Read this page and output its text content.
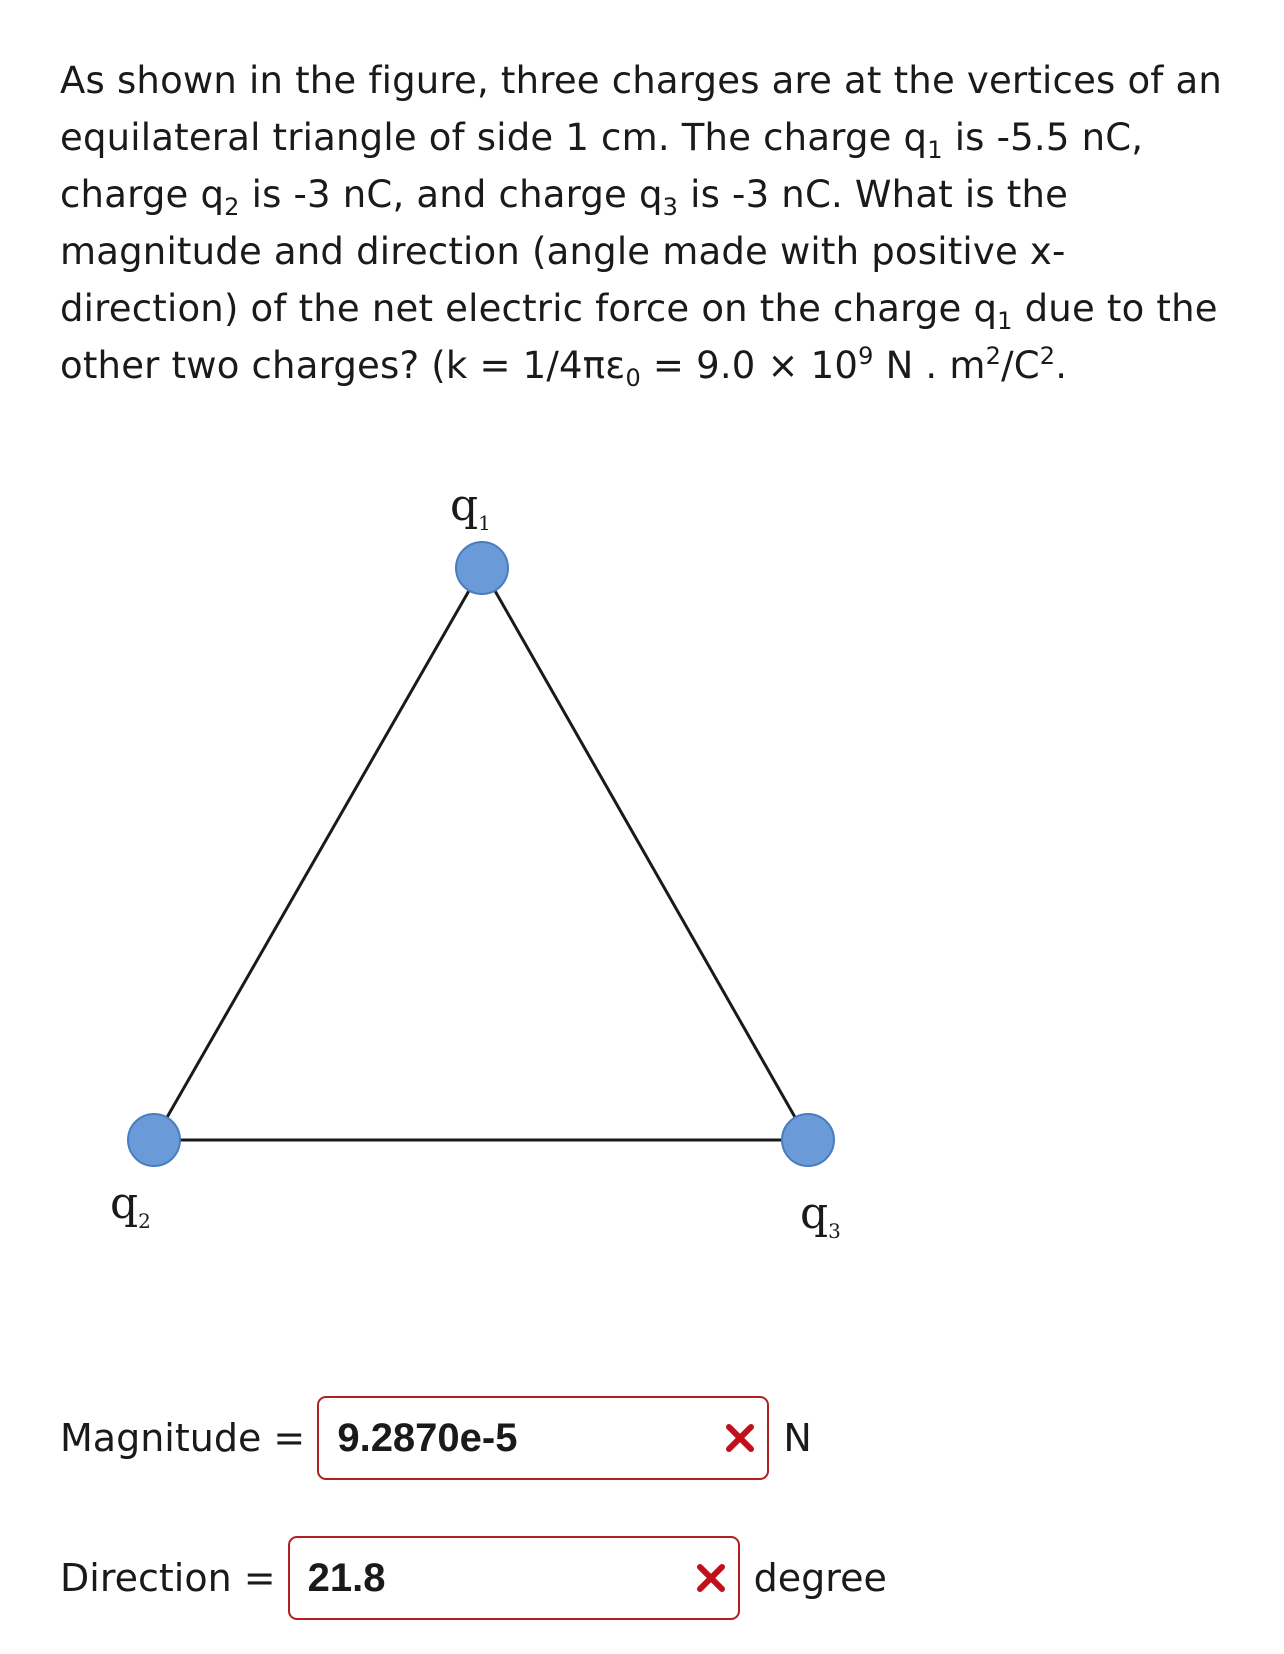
As shown in the figure, three charges are at the vertices of an equilateral triangle of side 1 cm. The charge $q_1$ is -5.5 nC, charge $q_2$ is -3 nC, and charge $q_3$ is -3 nC. What is the magnitude and direction (angle made with positive x-direction) of the net electric force on the charge $q_1$ due to the other two charges? ($k = 1/4\pi\varepsilon_0 = 9.0 \times 10^9$ N . $m^2/C^2$.
$q_1$
$q_2$	$q_3$
Magnitude = 9.2870e-5	N
Direction = 21.8	degree
